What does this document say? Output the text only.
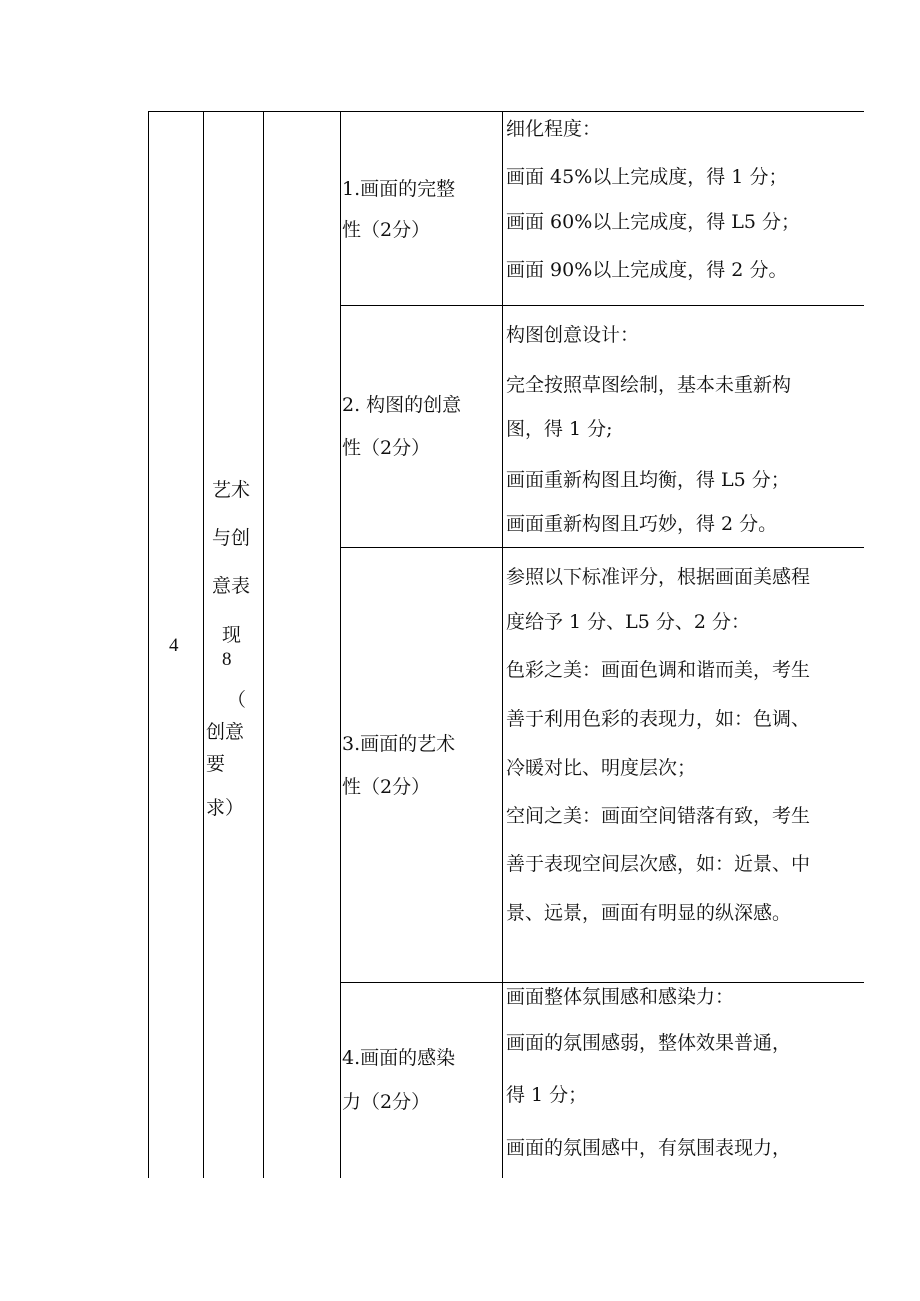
4
艺术
与创
意表
现
8
（
创意
要
求）
1.画面的完整
性（2分）
细化程度：
画面 45%以上完成度，得 1 分；
画面 60%以上完成度，得 L5 分；
画面 90%以上完成度，得 2 分。
2. 构图的创意
性（2分）
构图创意设计：
完全按照草图绘制，基本未重新构
图，得 1 分;
画面重新构图且均衡，得 L5 分；
画面重新构图且巧妙，得 2 分。
3.画面的艺术
性（2分）
参照以下标准评分，根据画面美感程
度给予 1 分、L5 分、2 分：
色彩之美：画面色调和谐而美，考生
善于利用色彩的表现力，如：色调、
冷暖对比、明度层次；
空间之美：画面空间错落有致，考生
善于表现空间层次感，如：近景、中
景、远景，画面有明显的纵深感。
4.画面的感染
力（2分）
画面整体氛围感和感染力：
画面的氛围感弱，整体效果普通，
得 1 分；
画面的氛围感中，有氛围表现力，
